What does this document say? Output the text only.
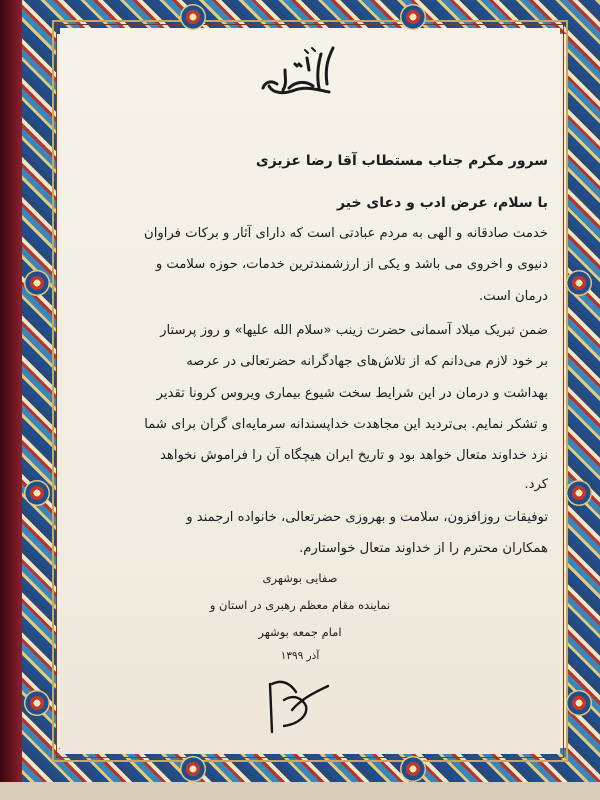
سرور مکرم جناب مستطاب آقا رضا عزیزی
با سلام، عرض ادب و دعای خیر
خدمت صادقانه و الهی به مردم عبادتی است که دارای آثار و برکات فراوان
دنیوی و اخروی می باشد و یکی از ارزشمندترین خدمات، حوزه سلامت و
درمان است.
ضمن تبریک میلاد آسمانی حضرت زینب «سلام الله علیها» و روز پرستار
بر خود لازم می‌دانم که از تلاش‌های جهادگرانه حضرتعالی در عرصه
بهداشت و درمان در این شرایط سخت شیوع بیماری ویروس کرونا تقدیر
و تشکر نمایم. بی‌تردید این مجاهدت خداپسندانه سرمایه‌ای گران برای شما
نزد خداوند متعال خواهد بود و تاریخ ایران هیچگاه آن را فراموش نخواهد
کرد.
توفیقات روزافزون، سلامت و بهروزی حضرتعالی، خانواده ارجمند و
همکاران محترم را از خداوند متعال خواستارم.
صفایی بوشهری
نماینده مقام معظم رهبری در استان و
امام جمعه بوشهر
آذر ۱۳۹۹
